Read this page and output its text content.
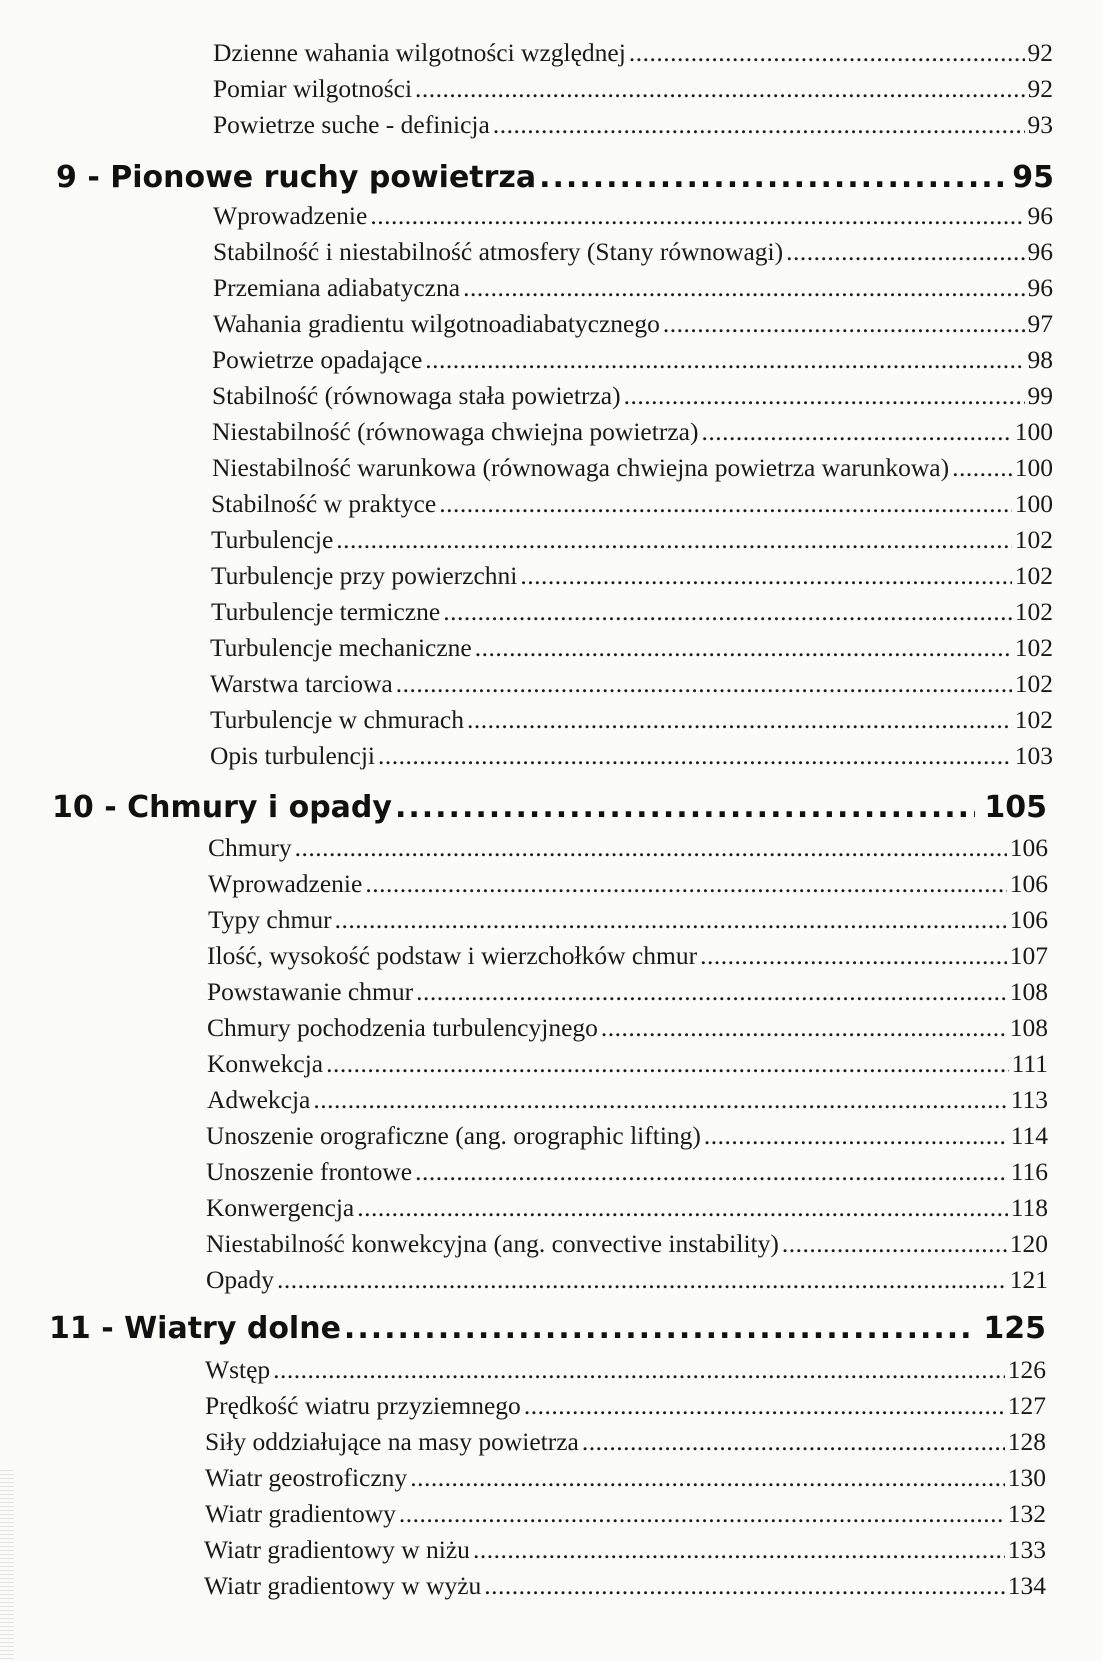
Dzienne wahania wilgotności względnej .....	92
Pomiar wilgotności .....	92
Powietrze suche - definicja .....	93
9 - Pionowe ruchy powietrza .....	95
Wprowadzenie .....	96
Stabilność i niestabilność atmosfery (Stany równowagi) .....	96
Przemiana adiabatyczna .....	96
Wahania gradientu wilgotnoadiabatycznego .....	97
Powietrze opadające .....	98
Stabilność (równowaga stała powietrza) .....	99
Niestabilność (równowaga chwiejna powietrza) .....	100
Niestabilność warunkowa (równowaga chwiejna powietrza warunkowa) .....	100
Stabilność w praktyce .....	100
Turbulencje .....	102
Turbulencje przy powierzchni .....	102
Turbulencje termiczne .....	102
Turbulencje mechaniczne .....	102
Warstwa tarciowa .....	102
Turbulencje w chmurach .....	102
Opis turbulencji .....	103
10 - Chmury i opady .....	105
Chmury .....	106
Wprowadzenie .....	106
Typy chmur .....	106
Ilość, wysokość podstaw i wierzchołków chmur .....	107
Powstawanie chmur .....	108
Chmury pochodzenia turbulencyjnego .....	108
Konwekcja .....	111
Adwekcja .....	113
Unoszenie orograficzne (ang. orographic lifting) .....	114
Unoszenie frontowe .....	116
Konwergencja .....	118
Niestabilność konwekcyjna (ang. convective instability) .....	120
Opady .....	121
11 - Wiatry dolne .....	125
Wstęp .....	126
Prędkość wiatru przyziemnego .....	127
Siły oddziałujące na masy powietrza .....	128
Wiatr geostroficzny .....	130
Wiatr gradientowy .....	132
Wiatr gradientowy w niżu .....	133
Wiatr gradientowy w wyżu .....	134
